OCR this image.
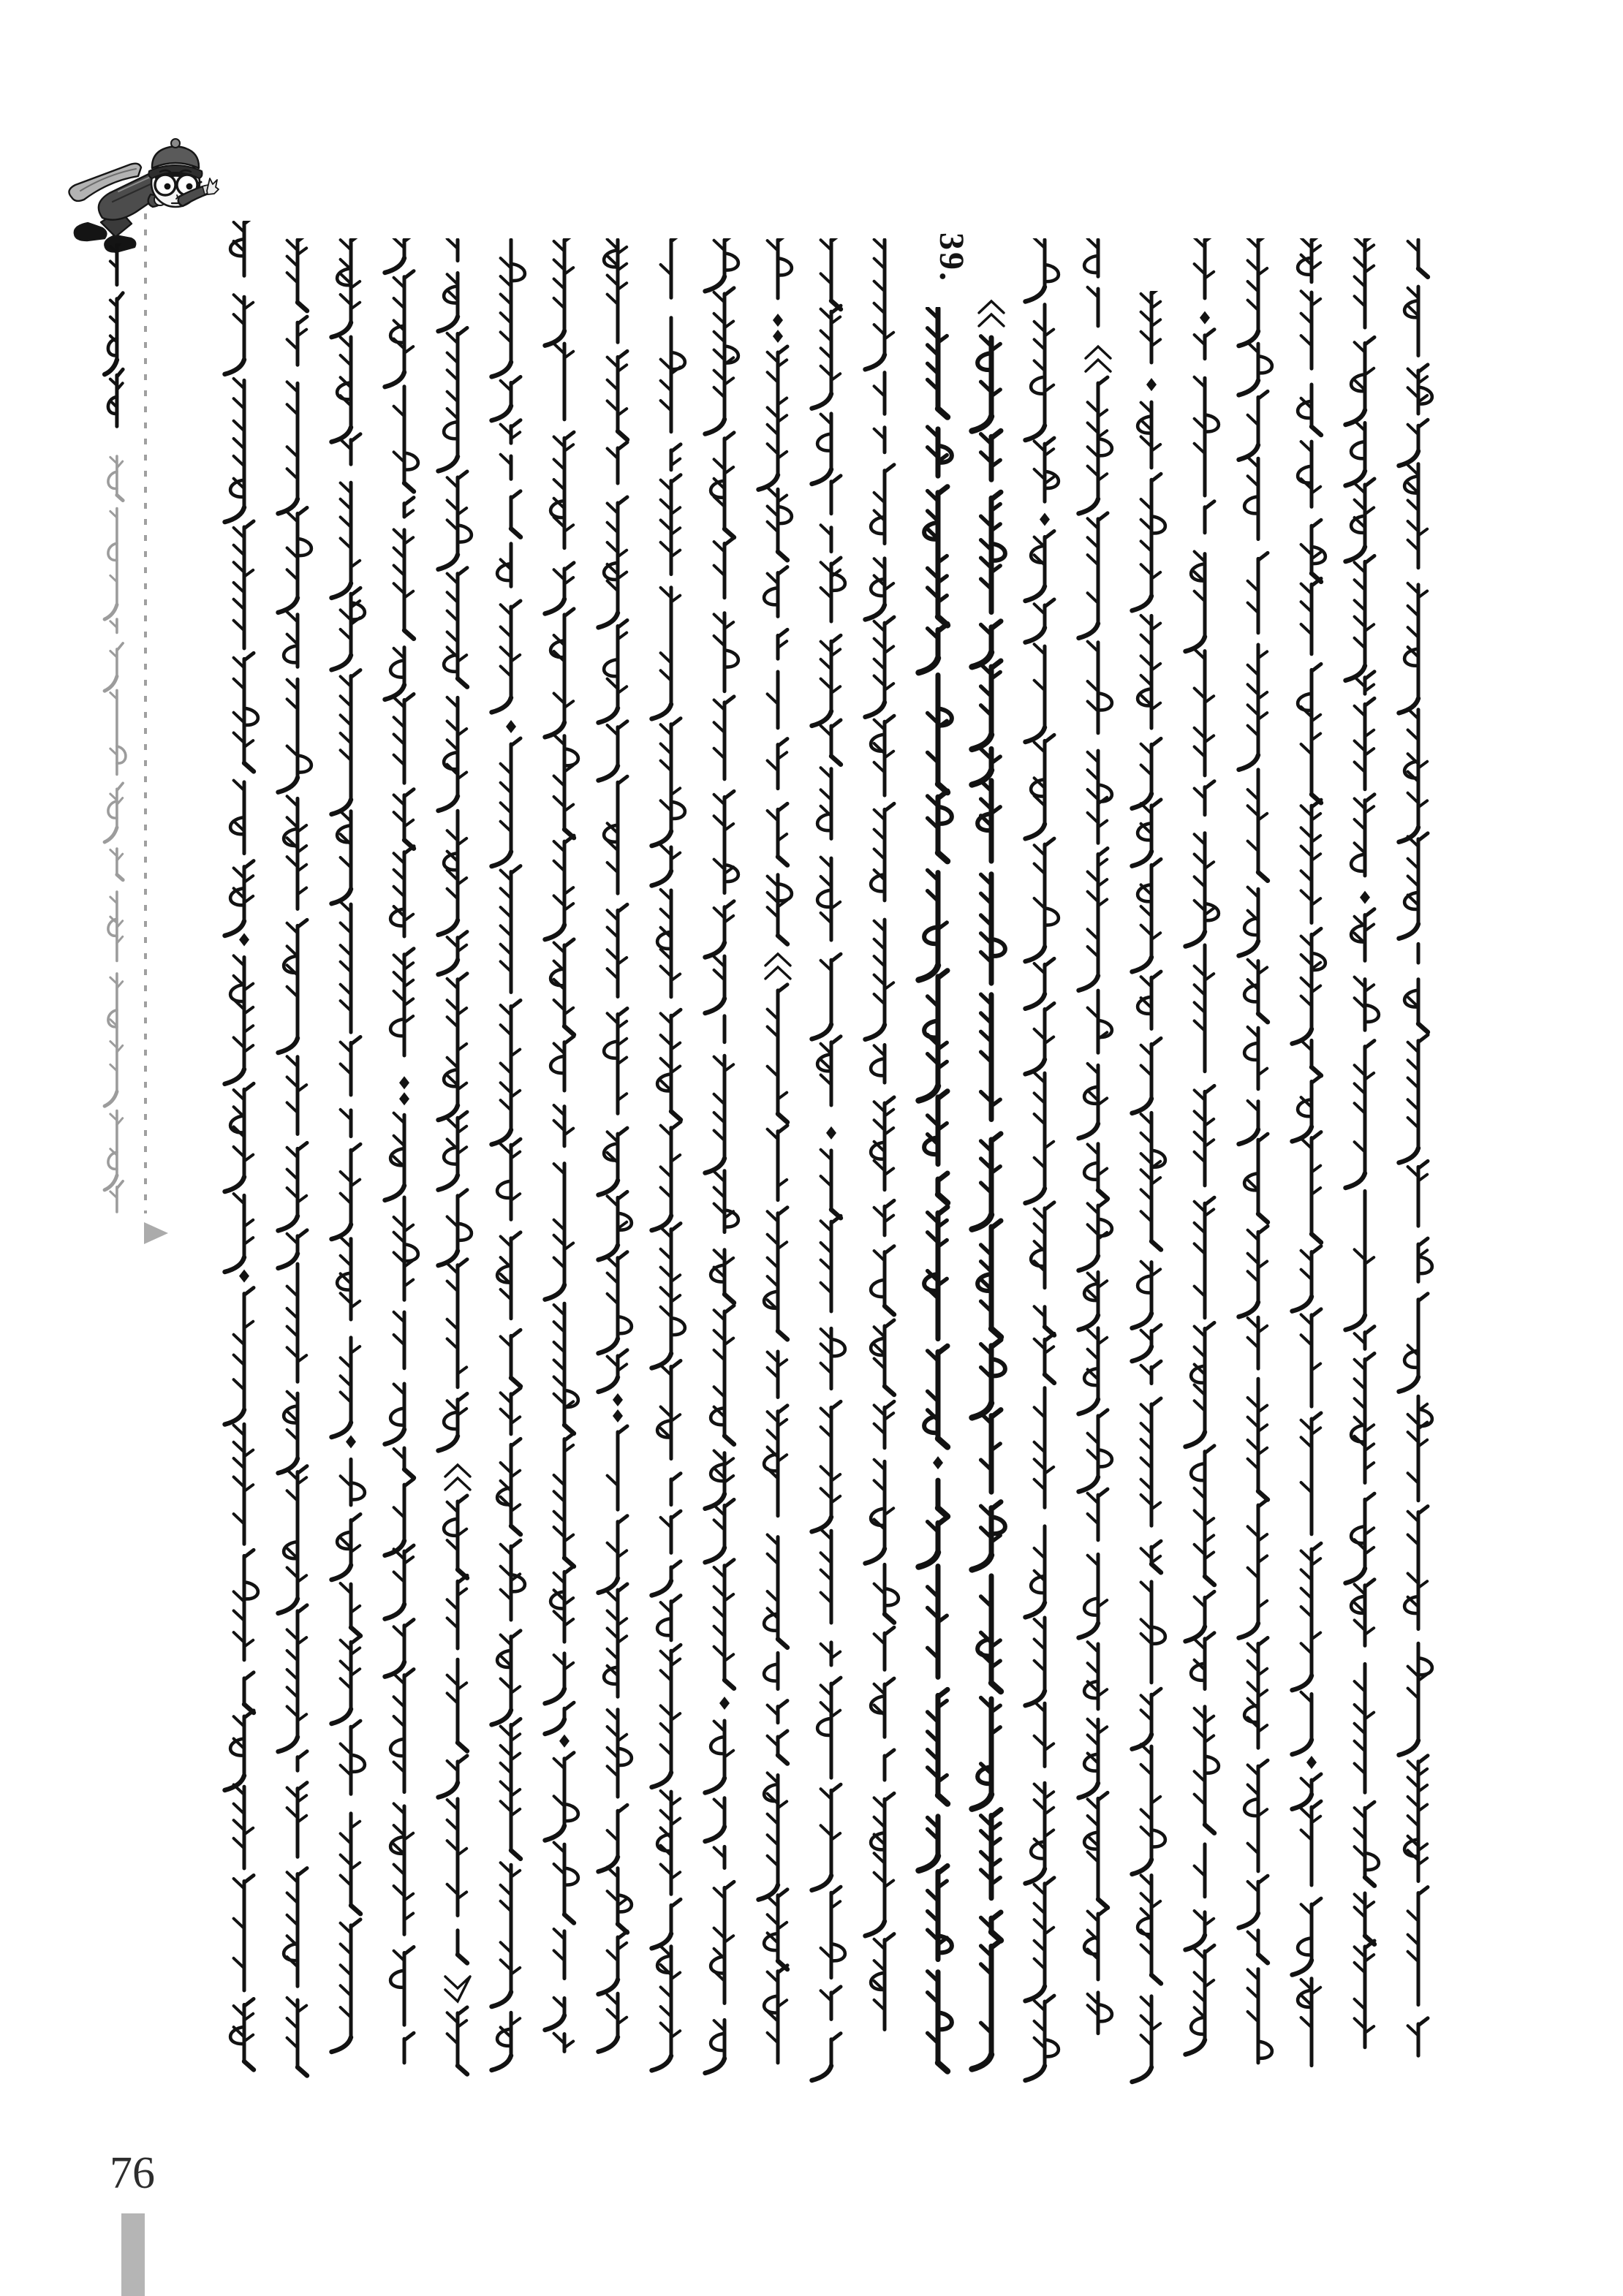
39.
76
